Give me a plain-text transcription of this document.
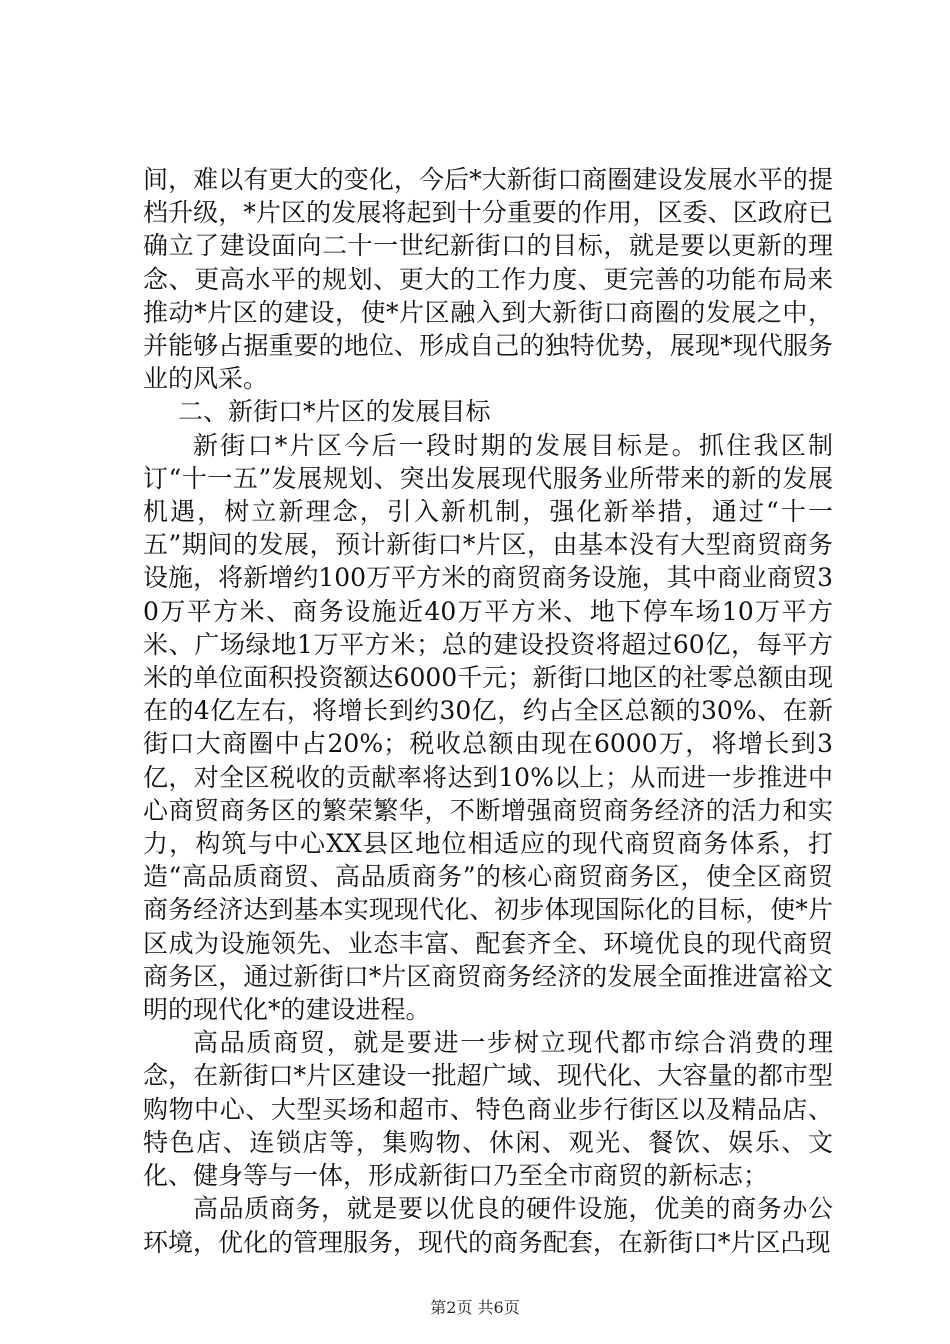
间，难以有更大的变化，今后*大新街口商圈建设发展水平的提档升级，*片区的发展将起到十分重要的作用，区委、区政府已确立了建设面向二十一世纪新街口的目标，就是要以更新的理念、更高水平的规划、更大的工作力度、更完善的功能布局来推动*片区的建设，使*片区融入到大新街口商圈的发展之中，并能够占据重要的地位、形成自己的独特优势，展现*现代服务业的风采。

二、新街口*片区的发展目标

新街口*片区今后一段时期的发展目标是。抓住我区制订“十一五”发展规划、突出发展现代服务业所带来的新的发展机遇，树立新理念，引入新机制，强化新举措，通过“十一五”期间的发展，预计新街口*片区，由基本没有大型商贸商务设施，将新增约100万平方米的商贸商务设施，其中商业商贸30万平方米、商务设施近40万平方米、地下停车场10万平方米、广场绿地1万平方米；总的建设投资将超过60亿，每平方米的单位面积投资额达6000千元；新街口地区的社零总额由现在的4亿左右，将增长到约30亿，约占全区总额的30%、在新街口大商圈中占20%；税收总额由现在6000万，将增长到3亿，对全区税收的贡献率将达到10%以上；从而进一步推进中心商贸商务区的繁荣繁华，不断增强商贸商务经济的活力和实力，构筑与中心XX县区地位相适应的现代商贸商务体系，打造“高品质商贸、高品质商务”的核心商贸商务区，使全区商贸商务经济达到基本实现现代化、初步体现国际化的目标，使*片区成为设施领先、业态丰富、配套齐全、环境优良的现代商贸商务区，通过新街口*片区商贸商务经济的发展全面推进富裕文明的现代化*的建设进程。

高品质商贸，就是要进一步树立现代都市综合消费的理念，在新街口*片区建设一批超广域、现代化、大容量的都市型购物中心、大型买场和超市、特色商业步行街区以及精品店、特色店、连锁店等，集购物、休闲、观光、餐饮、娱乐、文化、健身等与一体，形成新街口乃至全市商贸的新标志；

高品质商务，就是要以优良的硬件设施，优美的商务办公环境，优化的管理服务，现代的商务配套，在新街口*片区凸现

第2页 共6页
